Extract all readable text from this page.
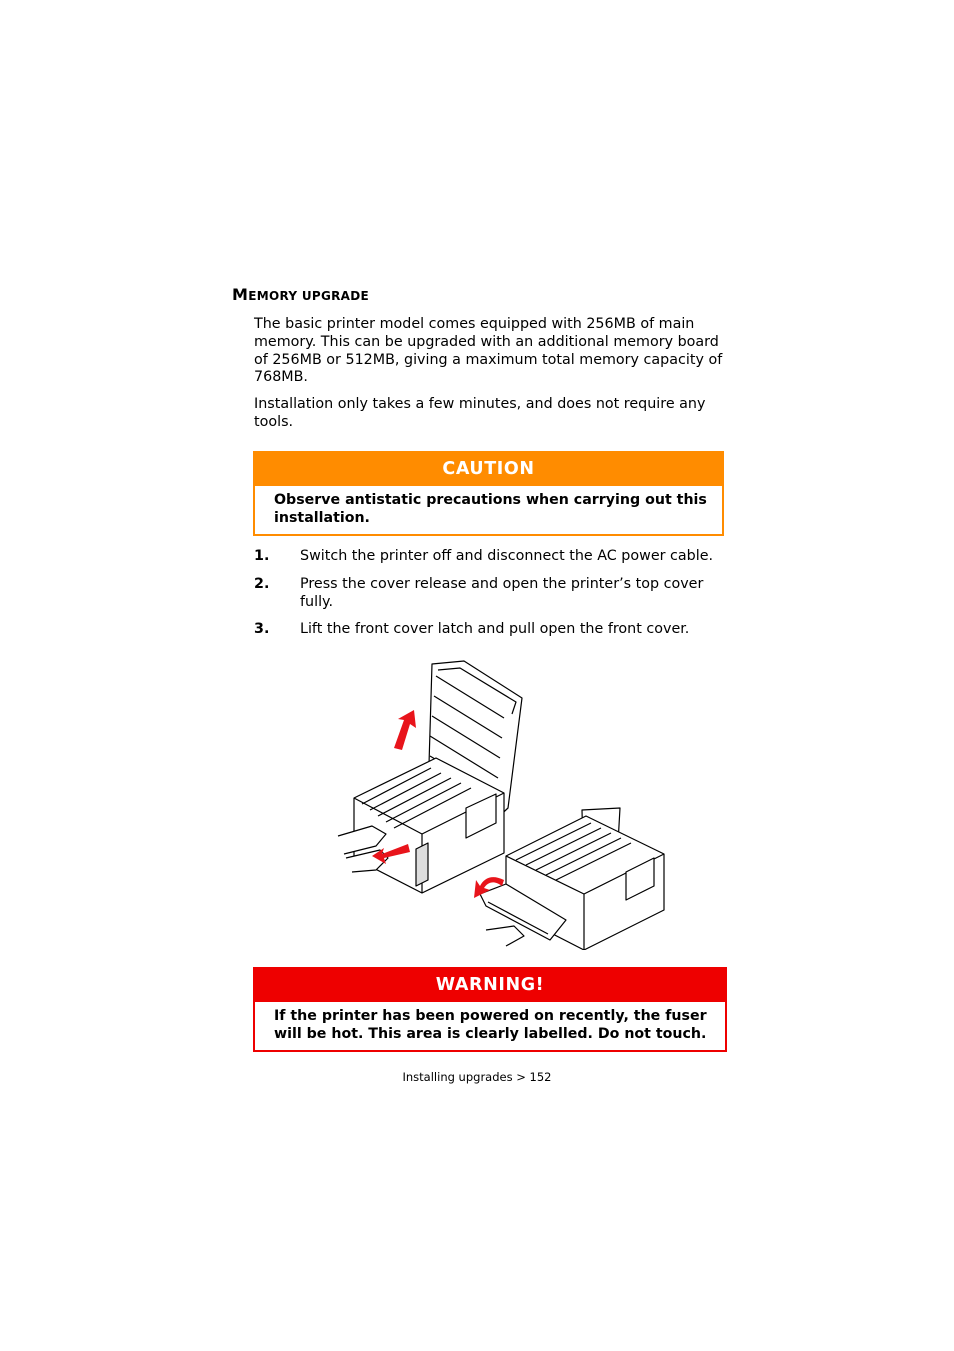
MEMORY UPGRADE
The basic printer model comes equipped with 256MB of main memory. This can be upgraded with an additional memory board of 256MB or 512MB, giving a maximum total memory capacity of 768MB.
Installation only takes a few minutes, and does not require any tools.
CAUTION
Observe antistatic precautions when carrying out this installation.
1. Switch the printer off and disconnect the AC power cable.
2. Press the cover release and open the printer’s top cover fully.
3. Lift the front cover latch and pull open the front cover.
WARNING!
If the printer has been powered on recently, the fuser will be hot. This area is clearly labelled. Do not touch.
Installing upgrades > 152
